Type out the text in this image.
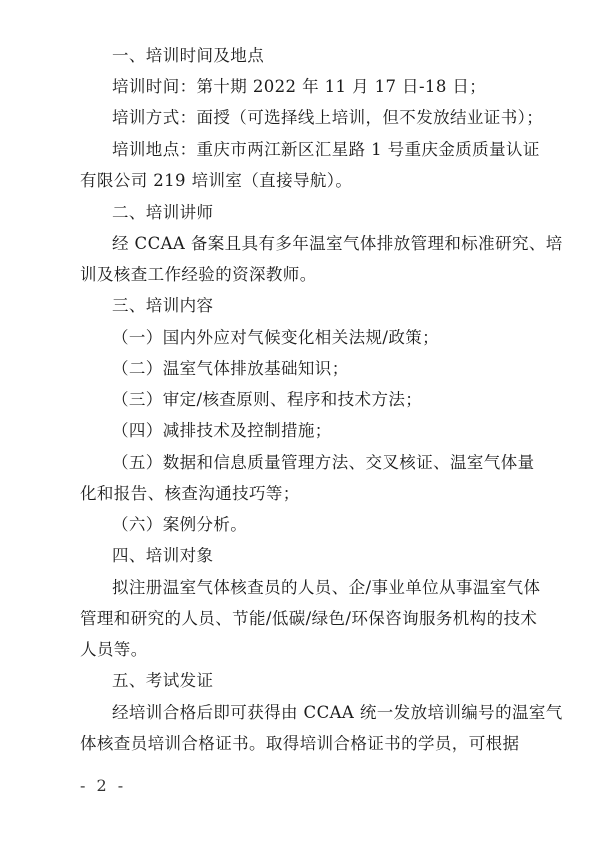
一、培训时间及地点
培训时间：第十期 2022 年 11 月 17 日-18 日；
培训方式：面授（可选择线上培训，但不发放结业证书）；
培训地点：重庆市两江新区汇星路 1 号重庆金质质量认证
有限公司 219 培训室（直接导航）。
二、培训讲师
经 CCAA 备案且具有多年温室气体排放管理和标准研究、培
训及核查工作经验的资深教师。
三、培训内容
（一）国内外应对气候变化相关法规/政策；
（二）温室气体排放基础知识；
（三）审定/核查原则、程序和技术方法；
（四）减排技术及控制措施；
（五）数据和信息质量管理方法、交叉核证、温室气体量
化和报告、核查沟通技巧等；
（六）案例分析。
四、培训对象
拟注册温室气体核查员的人员、企/事业单位从事温室气体
管理和研究的人员、节能/低碳/绿色/环保咨询服务机构的技术
人员等。
五、考试发证
经培训合格后即可获得由 CCAA 统一发放培训编号的温室气
体核查员培训合格证书。取得培训合格证书的学员，可根据
- 2 -
